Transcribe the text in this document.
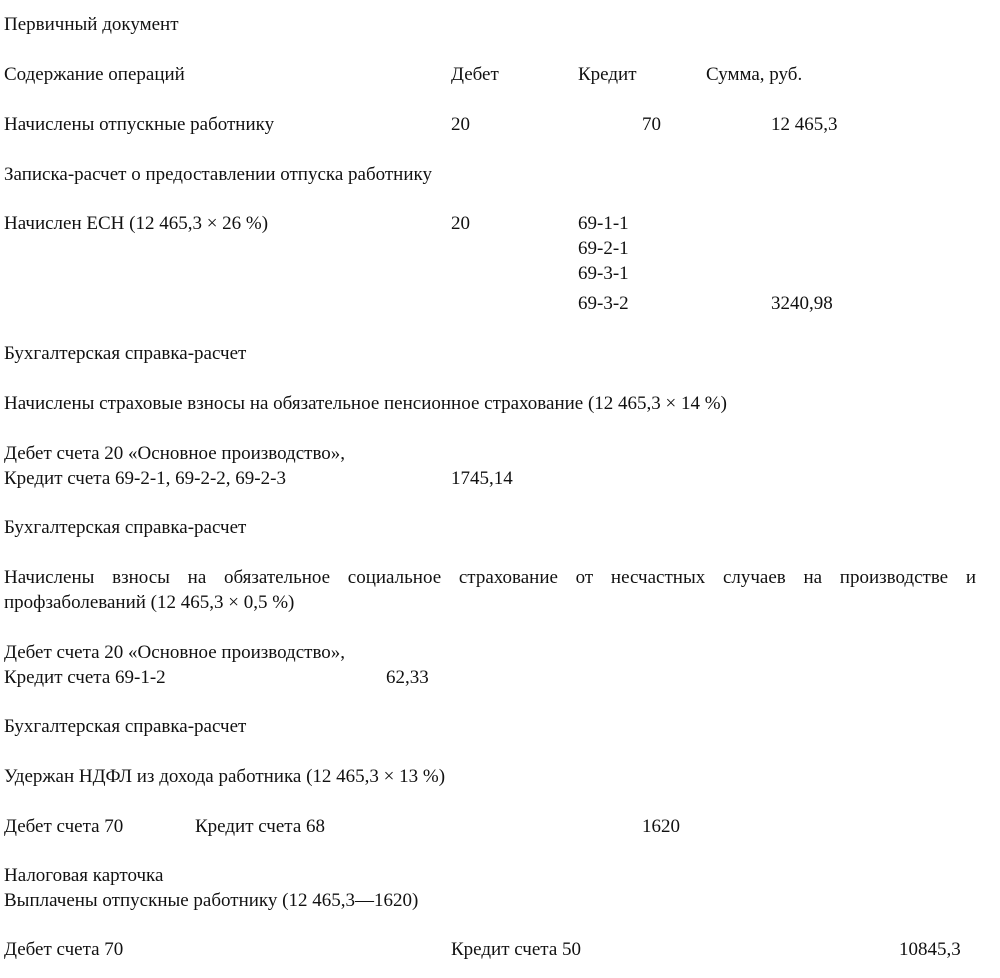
Первичный документ
Содержание операций	Дебет	Кредит	Сумма, руб.
Начислены отпускные работнику	20	70	12 465,3
Записка-расчет о предоставлении отпуска работнику
Начислен ЕСН (12 465,3 × 26 %)	20	69-1-1
69-2-1
69-3-1
69-3-2	3240,98
Бухгалтерская справка-расчет
Начислены страховые взносы на обязательное пенсионное страхование (12 465,3 × 14 %)
Дебет счета 20 «Основное производство»,
Кредит счета 69-2-1, 69-2-2, 69-2-3	1745,14
Бухгалтерская справка-расчет
Начислены взносы на обязательное социальное страхование от несчастных случаев на производстве и
профзаболеваний (12 465,3 × 0,5 %)
Дебет счета 20 «Основное производство»,
Кредит счета 69-1-2	62,33
Бухгалтерская справка-расчет
Удержан НДФЛ из дохода работника (12 465,3 × 13 %)
Дебет счета 70	Кредит счета 68	1620
Налоговая карточка
Выплачены отпускные работнику (12 465,3—1620)
Дебет счета 70	Кредит счета 50	10845,3
